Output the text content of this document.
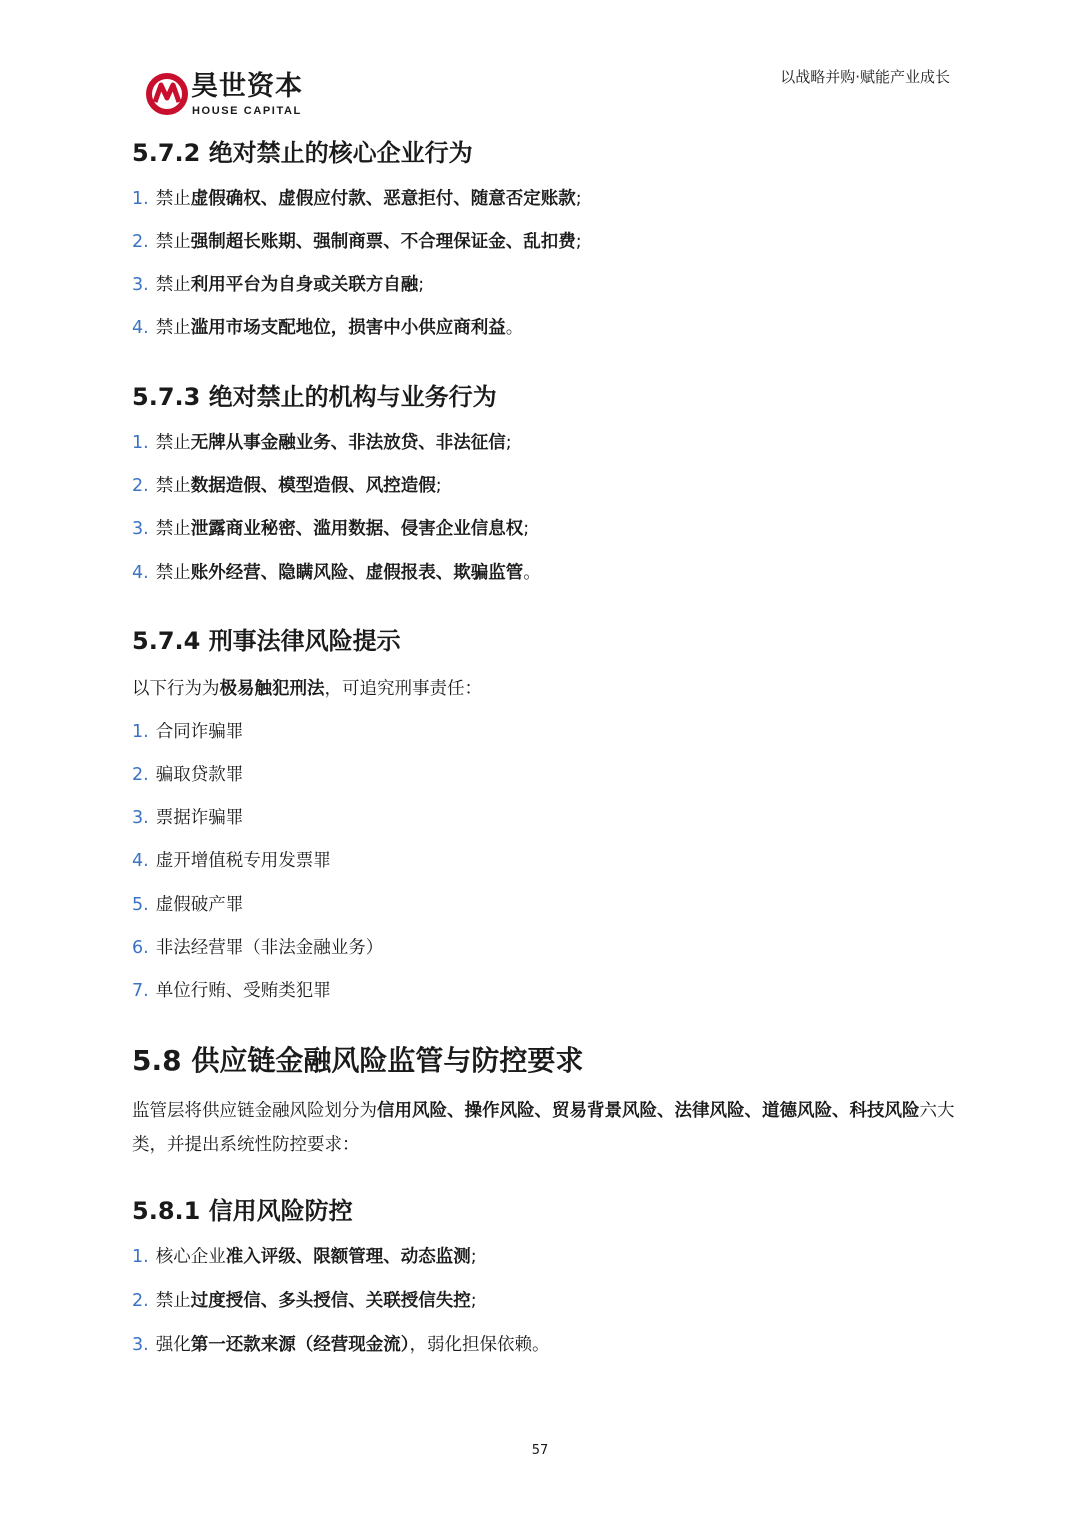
昊世资本
HOUSE CAPITAL
以战略并购·赋能产业成长
5.7.2 绝对禁止的核心企业行为
1. 禁止虚假确权、虚假应付款、恶意拒付、随意否定账款;
2. 禁止强制超长账期、强制商票、不合理保证金、乱扣费;
3. 禁止利用平台为自身或关联方自融;
4. 禁止滥用市场支配地位，损害中小供应商利益。
5.7.3 绝对禁止的机构与业务行为
1. 禁止无牌从事金融业务、非法放贷、非法征信;
2. 禁止数据造假、模型造假、风控造假;
3. 禁止泄露商业秘密、滥用数据、侵害企业信息权;
4. 禁止账外经营、隐瞒风险、虚假报表、欺骗监管。
5.7.4 刑事法律风险提示
以下行为为极易触犯刑法，可追究刑事责任：
1. 合同诈骗罪
2. 骗取贷款罪
3. 票据诈骗罪
4. 虚开增值税专用发票罪
5. 虚假破产罪
6. 非法经营罪（非法金融业务）
7. 单位行贿、受贿类犯罪
5.8 供应链金融风险监管与防控要求
监管层将供应链金融风险划分为信用风险、操作风险、贸易背景风险、法律风险、道德风险、科技风险六大类，并提出系统性防控要求：
5.8.1 信用风险防控
1. 核心企业准入评级、限额管理、动态监测;
2. 禁止过度授信、多头授信、关联授信失控;
3. 强化第一还款来源（经营现金流），弱化担保依赖。
57
